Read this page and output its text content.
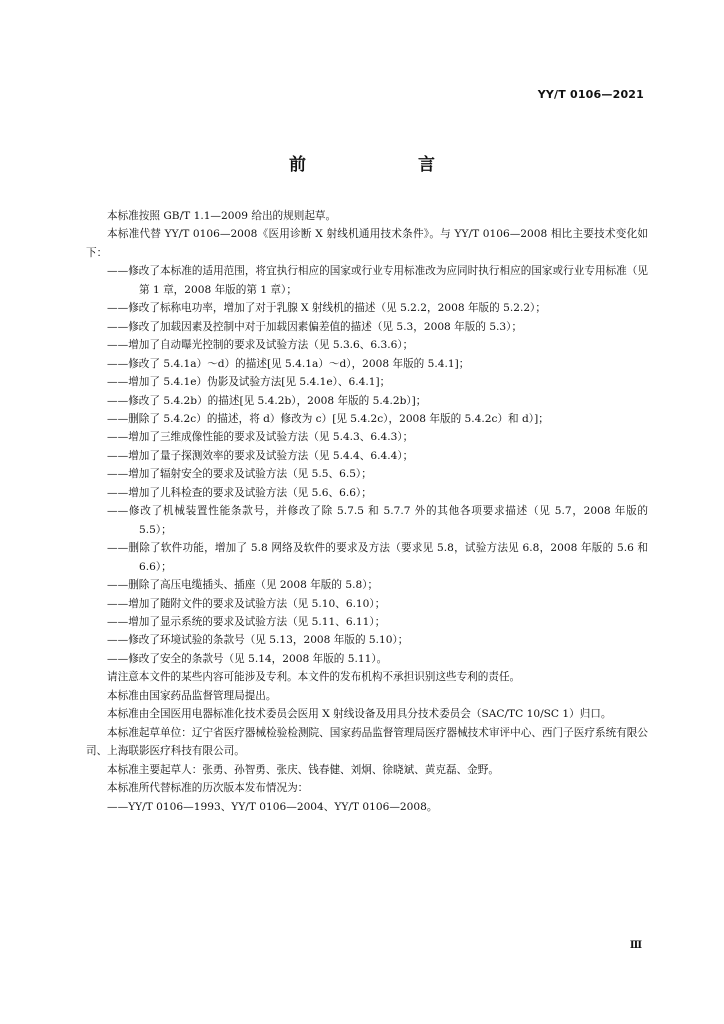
YY/T 0106—2021
前　　言

本标准按照 GB/T 1.1—2009 给出的规则起草。

本标准代替 YY/T 0106—2008《医用诊断 X 射线机通用技术条件》。与 YY/T 0106—2008 相比主要技术变化如下：

——修改了本标准的适用范围，将宜执行相应的国家或行业专用标准改为应同时执行相应的国家或行业专用标准（见第 1 章，2008 年版的第 1 章）；

——修改了标称电功率，增加了对于乳腺 X 射线机的描述（见 5.2.2，2008 年版的 5.2.2）；

——修改了加载因素及控制中对于加载因素偏差值的描述（见 5.3，2008 年版的 5.3）；

——增加了自动曝光控制的要求及试验方法（见 5.3.6、6.3.6）；

——修改了 5.4.1a）～d）的描述[见 5.4.1a）～d），2008 年版的 5.4.1]；

——增加了 5.4.1e）伪影及试验方法[见 5.4.1e）、6.4.1]；

——修改了 5.4.2b）的描述[见 5.4.2b），2008 年版的 5.4.2b）]；

——删除了 5.4.2c）的描述，将 d）修改为 c）[见 5.4.2c），2008 年版的 5.4.2c）和 d）]；

——增加了三维成像性能的要求及试验方法（见 5.4.3、6.4.3）；

——增加了量子探测效率的要求及试验方法（见 5.4.4、6.4.4）；

——增加了辐射安全的要求及试验方法（见 5.5、6.5）；

——增加了儿科检查的要求及试验方法（见 5.6、6.6）；

——修改了机械装置性能条款号，并修改了除 5.7.5 和 5.7.7 外的其他各项要求描述（见 5.7，2008 年版的 5.5）；

——删除了软件功能，增加了 5.8 网络及软件的要求及方法（要求见 5.8，试验方法见 6.8，2008 年版的 5.6 和 6.6）；

——删除了高压电缆插头、插座（见 2008 年版的 5.8）；

——增加了随附文件的要求及试验方法（见 5.10、6.10）；

——增加了显示系统的要求及试验方法（见 5.11、6.11）；

——修改了环境试验的条款号（见 5.13，2008 年版的 5.10）；

——修改了安全的条款号（见 5.14，2008 年版的 5.11）。

请注意本文件的某些内容可能涉及专利。本文件的发布机构不承担识别这些专利的责任。

本标准由国家药品监督管理局提出。

本标准由全国医用电器标准化技术委员会医用 X 射线设备及用具分技术委员会（SAC/TC 10/SC 1）归口。

本标准起草单位：辽宁省医疗器械检验检测院、国家药品监督管理局医疗器械技术审评中心、西门子医疗系统有限公司、上海联影医疗科技有限公司。

本标准主要起草人：张勇、孙智勇、张庆、钱春健、刘炯、徐晓斌、黄克磊、金野。

本标准所代替标准的历次版本发布情况为：

——YY/T 0106—1993、YY/T 0106—2004、YY/T 0106—2008。

Ⅲ
